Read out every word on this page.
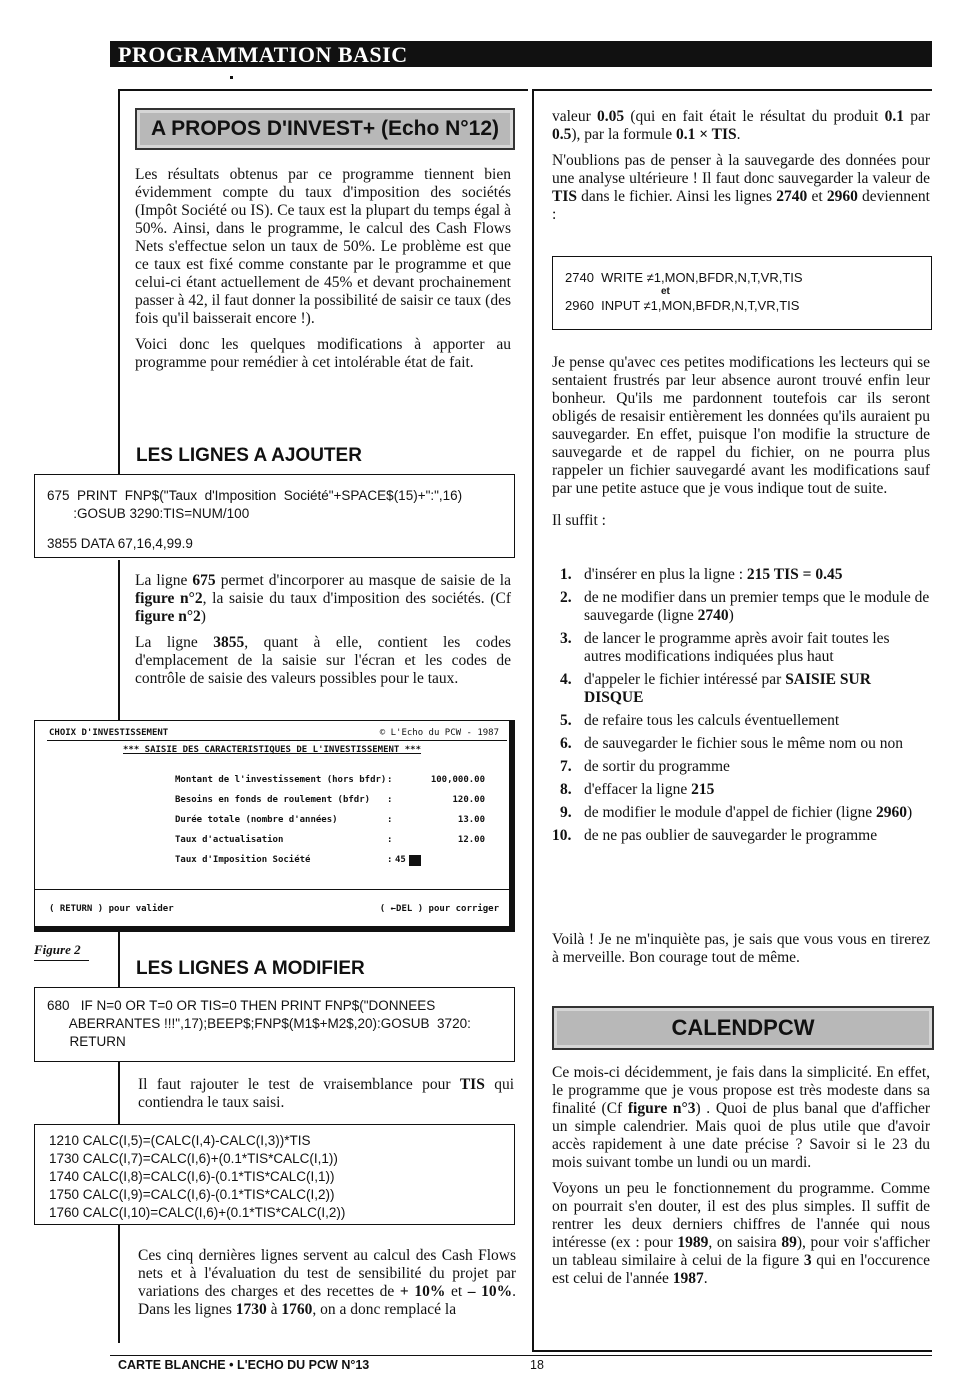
PROGRAMMATION BASIC
A PROPOS D'INVEST+ (Echo N°12)

Les résultats obtenus par ce programme tiennent bien évidemment compte du taux d'imposition des sociétés (Impôt Société ou IS). Ce taux est la plupart du temps égal à 50%. Ainsi, dans le programme, le calcul des Cash Flows Nets s'effectue selon un taux de 50%. Le problème est que ce taux est fixé comme constante par le programme et que celui-ci étant actuellement de 45% et devant prochainement passer à 42, il faut donner la possibilité de saisir ce taux (des fois qu'il baisserait encore !).

Voici donc les quelques modifications à apporter au programme pour remédier à cet intolérable état de fait.

LES LIGNES A AJOUTER
675  PRINT  FNP$("Taux  d'Imposition  Société"+SPACE$(15)+":",16)
:GOSUB 3290:TIS=NUM/100
3855 DATA 67,16,4,99.9

La ligne 675 permet d'incorporer au masque de saisie de la figure n°2, la saisie du taux d'imposition des sociétés. (Cf figure n°2)

La ligne 3855, quant à elle, contient les codes d'emplacement de la saisie sur l'écran et les codes de contrôle de saisie des valeurs possibles pour le taux.

CHOIX D'INVESTISSEMENT	© L'Echo du PCW - 1987
*** SAISIE DES CARACTERISTIQUES DE L'INVESTISSEMENT ***
Montant de l'investissement (hors bfdr) :	100,000.00
Besoins en fonds de roulement (bfdr) :	120.00
Durée totale (nombre d'années)	:	13.00
Taux d'actualisation	:	12.00
Taux d'Imposition Société	: 45
( RETURN ) pour valider	( ←DEL ) pour corriger
Figure 2
LES LIGNES A MODIFIER
680   IF N=0 OR T=0 OR TIS=0 THEN PRINT FNP$("DONNEES
ABERRANTES !!!",17);BEEP$;FNP$(M1$+M2$,20):GOSUB  3720:
RETURN
Il faut rajouter le test de vraisemblance pour TIS qui contiendra le taux saisi.
1210 CALC(I,5)=(CALC(I,4)-CALC(I,3))*TIS
1730 CALC(I,7)=CALC(I,6)+(0.1*TIS*CALC(I,1))
1740 CALC(I,8)=CALC(I,6)-(0.1*TIS*CALC(I,1))
1750 CALC(I,9)=CALC(I,6)-(0.1*TIS*CALC(I,2))
1760 CALC(I,10)=CALC(I,6)+(0.1*TIS*CALC(I,2))
Ces cinq dernières lignes servent au calcul des Cash Flows nets et à l'évaluation du test de sensibilité du projet par variations des charges et des recettes de + 10% et – 10%. Dans les lignes 1730 à 1760, on a donc remplacé la

valeur 0.05 (qui en fait était le résultat du produit 0.1 par 0.5), par la formule 0.1 × TIS.

N'oublions pas de penser à la sauvegarde des données pour une analyse ultérieure ! Il faut donc sauvegarder la valeur de TIS dans le fichier. Ainsi les lignes 2740 et 2960 deviennent :

2740  WRITE ≠1,MON,BFDR,N,T,VR,TIS
et
2960  INPUT ≠1,MON,BFDR,N,T,VR,TIS

Je pense qu'avec ces petites modifications les lecteurs qui se sentaient frustrés par leur absence auront trouvé enfin leur bonheur. Qu'ils me pardonnent toutefois car ils seront obligés de resaisir entièrement les données qu'ils auraient pu sauvegarder. En effet, puisque l'on modifie la structure de sauvegarde et de rappel du fichier, on ne pourra plus rappeler un fichier sauvegardé avant les modifications sauf par une petite astuce que je vous indique tout de suite.

Il suffit :

1. d'insérer en plus la ligne : 215 TIS = 0.45
2. de ne modifier dans un premier temps que le module de sauvegarde (ligne 2740)
3. de lancer le programme après avoir fait toutes les autres modifications indiquées plus haut
4. d'appeler le fichier intéressé par SAISIE SUR DISQUE
5. de refaire tous les calculs éventuellement
6. de sauvegarder le fichier sous le même nom ou non
7. de sortir du programme
8. d'effacer la ligne 215
9. de modifier le module d'appel de fichier (ligne 2960)
10. de ne pas oublier de sauvegarder le programme
Voilà ! Je ne m'inquiète pas, je sais que vous vous en tirerez à merveille. Bon courage tout de même.
CALENDPCW

Ce mois-ci décidemment, je fais dans la simplicité. En effet, le programme que je vous propose est très modeste dans sa finalité (Cf figure n°3) . Quoi de plus banal que d'afficher un simple calendrier. Mais quoi de plus utile que d'avoir accès rapidement à une date précise ? Savoir si le 23 du mois suivant tombe un lundi ou un mardi.

Voyons un peu le fonctionnement du programme. Comme on pourrait s'en douter, il est des plus simples. Il suffit de rentrer les deux derniers chiffres de l'année qui nous intéresse (ex : pour 1989, on saisira 89), pour voir s'afficher un tableau similaire à celui de la figure 3 qui en l'occurence est celui de l'année 1987.

CARTE BLANCHE • L'ECHO DU PCW N°13	18
